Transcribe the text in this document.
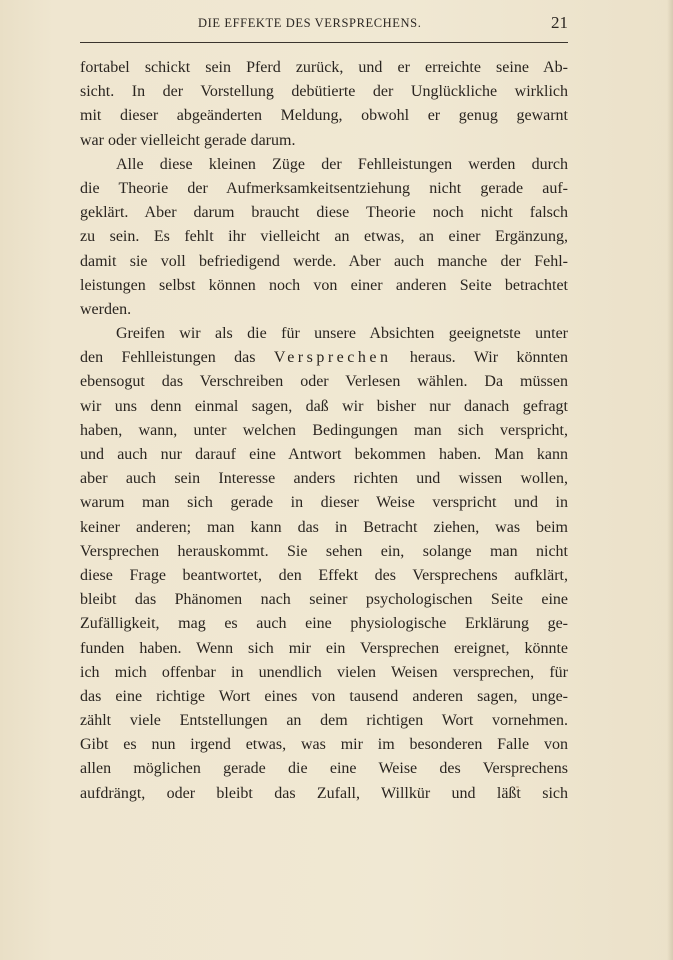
DIE EFFEKTE DES VERSPRECHENS.	21
fortabel schickt sein Pferd zurück, und er erreichte seine Ab-
sicht. In der Vorstellung debütierte der Unglückliche wirklich
mit dieser abgeänderten Meldung, obwohl er genug gewarnt
war oder vielleicht gerade darum.
Alle diese kleinen Züge der Fehlleistungen werden durch
die Theorie der Aufmerksamkeitsentziehung nicht gerade auf-
geklärt. Aber darum braucht diese Theorie noch nicht falsch
zu sein. Es fehlt ihr vielleicht an etwas, an einer Ergänzung,
damit sie voll befriedigend werde. Aber auch manche der Fehl-
leistungen selbst können noch von einer anderen Seite betrachtet
werden.
Greifen wir als die für unsere Absichten geeignetste unter
den Fehlleistungen das Versprechen heraus. Wir könnten
ebensogut das Verschreiben oder Verlesen wählen. Da müssen
wir uns denn einmal sagen, daß wir bisher nur danach gefragt
haben, wann, unter welchen Bedingungen man sich verspricht,
und auch nur darauf eine Antwort bekommen haben. Man kann
aber auch sein Interesse anders richten und wissen wollen,
warum man sich gerade in dieser Weise verspricht und in
keiner anderen; man kann das in Betracht ziehen, was beim
Versprechen herauskommt. Sie sehen ein, solange man nicht
diese Frage beantwortet, den Effekt des Versprechens aufklärt,
bleibt das Phänomen nach seiner psychologischen Seite eine
Zufälligkeit, mag es auch eine physiologische Erklärung ge-
funden haben. Wenn sich mir ein Versprechen ereignet, könnte
ich mich offenbar in unendlich vielen Weisen versprechen, für
das eine richtige Wort eines von tausend anderen sagen, unge-
zählt viele Entstellungen an dem richtigen Wort vornehmen.
Gibt es nun irgend etwas, was mir im besonderen Falle von
allen möglichen gerade die eine Weise des Versprechens
aufdrängt, oder bleibt das Zufall, Willkür und läßt sich
